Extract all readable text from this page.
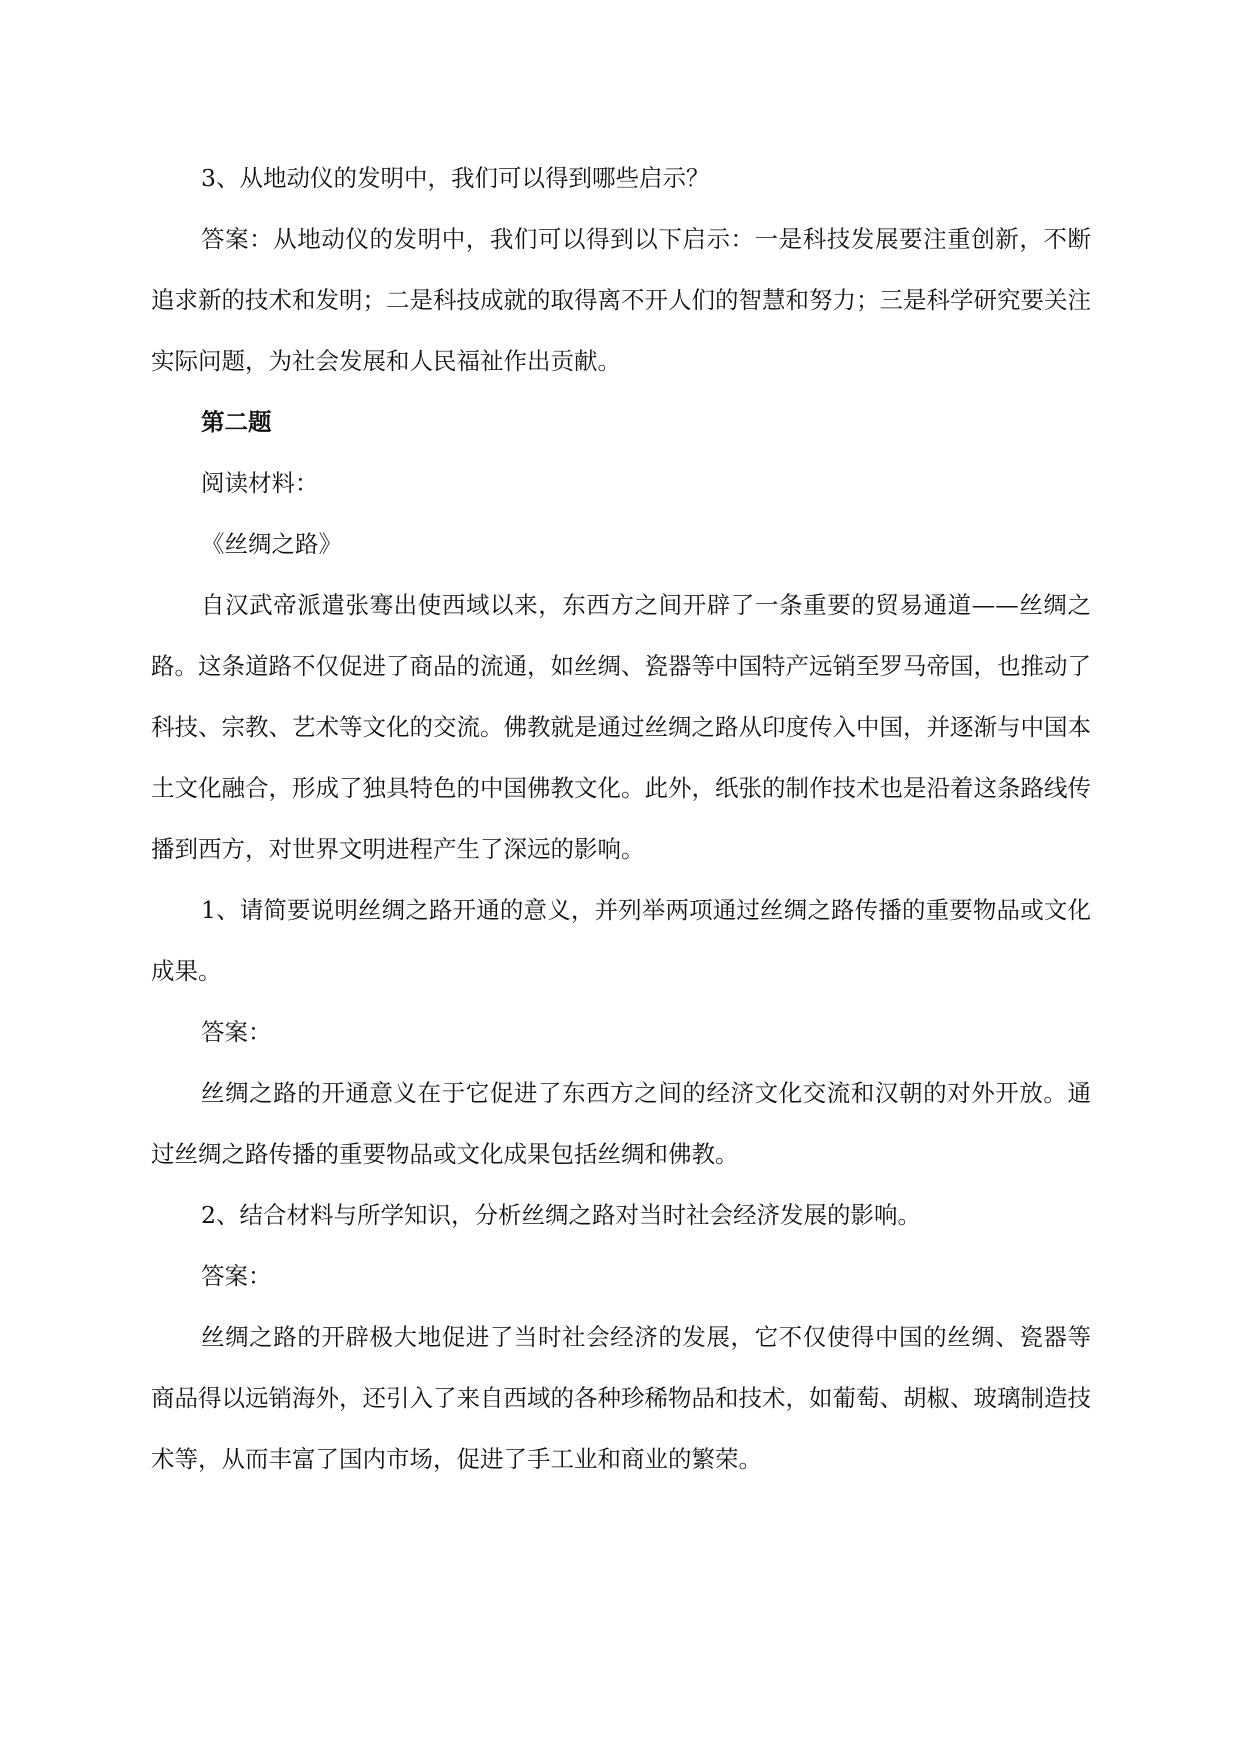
3、从地动仪的发明中，我们可以得到哪些启示？

答案：从地动仪的发明中，我们可以得到以下启示：一是科技发展要注重创新，不断追求新的技术和发明；二是科技成就的取得离不开人们的智慧和努力；三是科学研究要关注实际问题，为社会发展和人民福祉作出贡献。

第二题

阅读材料：

《丝绸之路》

自汉武帝派遣张骞出使西域以来，东西方之间开辟了一条重要的贸易通道——丝绸之路。这条道路不仅促进了商品的流通，如丝绸、瓷器等中国特产远销至罗马帝国，也推动了科技、宗教、艺术等文化的交流。佛教就是通过丝绸之路从印度传入中国，并逐渐与中国本土文化融合，形成了独具特色的中国佛教文化。此外，纸张的制作技术也是沿着这条路线传播到西方，对世界文明进程产生了深远的影响。

1、请简要说明丝绸之路开通的意义，并列举两项通过丝绸之路传播的重要物品或文化成果。

答案：

丝绸之路的开通意义在于它促进了东西方之间的经济文化交流和汉朝的对外开放。通过丝绸之路传播的重要物品或文化成果包括丝绸和佛教。

2、结合材料与所学知识，分析丝绸之路对当时社会经济发展的影响。

答案：

丝绸之路的开辟极大地促进了当时社会经济的发展，它不仅使得中国的丝绸、瓷器等商品得以远销海外，还引入了来自西域的各种珍稀物品和技术，如葡萄、胡椒、玻璃制造技术等，从而丰富了国内市场，促进了手工业和商业的繁荣。
